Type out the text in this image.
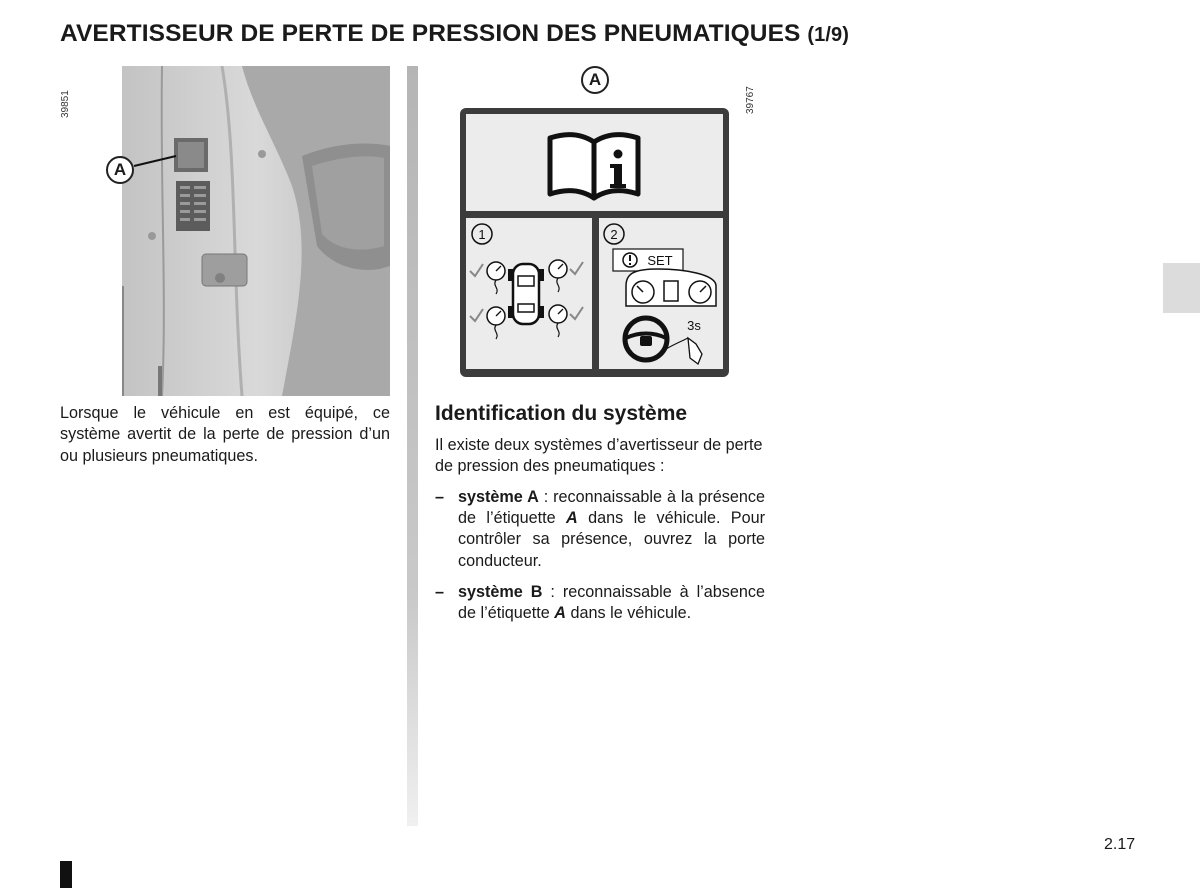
AVERTISSEUR DE PERTE DE PRESSION DES PNEUMATIQUES (1/9)
39851
A
Lorsque le véhicule en est équipé, ce système avertit de la perte de pression d’un ou plusieurs pneumatiques.
A
39767
1	2
SET
3s
Identification du système
Il existe deux systèmes d’avertisseur de perte de pression des pneumatiques :
– système A : reconnaissable à la présence de l’étiquette A dans le véhicule. Pour contrôler sa présence, ouvrez la porte conducteur.
– système B : reconnaissable à l’absence de l’étiquette A dans le véhicule.
2.17
